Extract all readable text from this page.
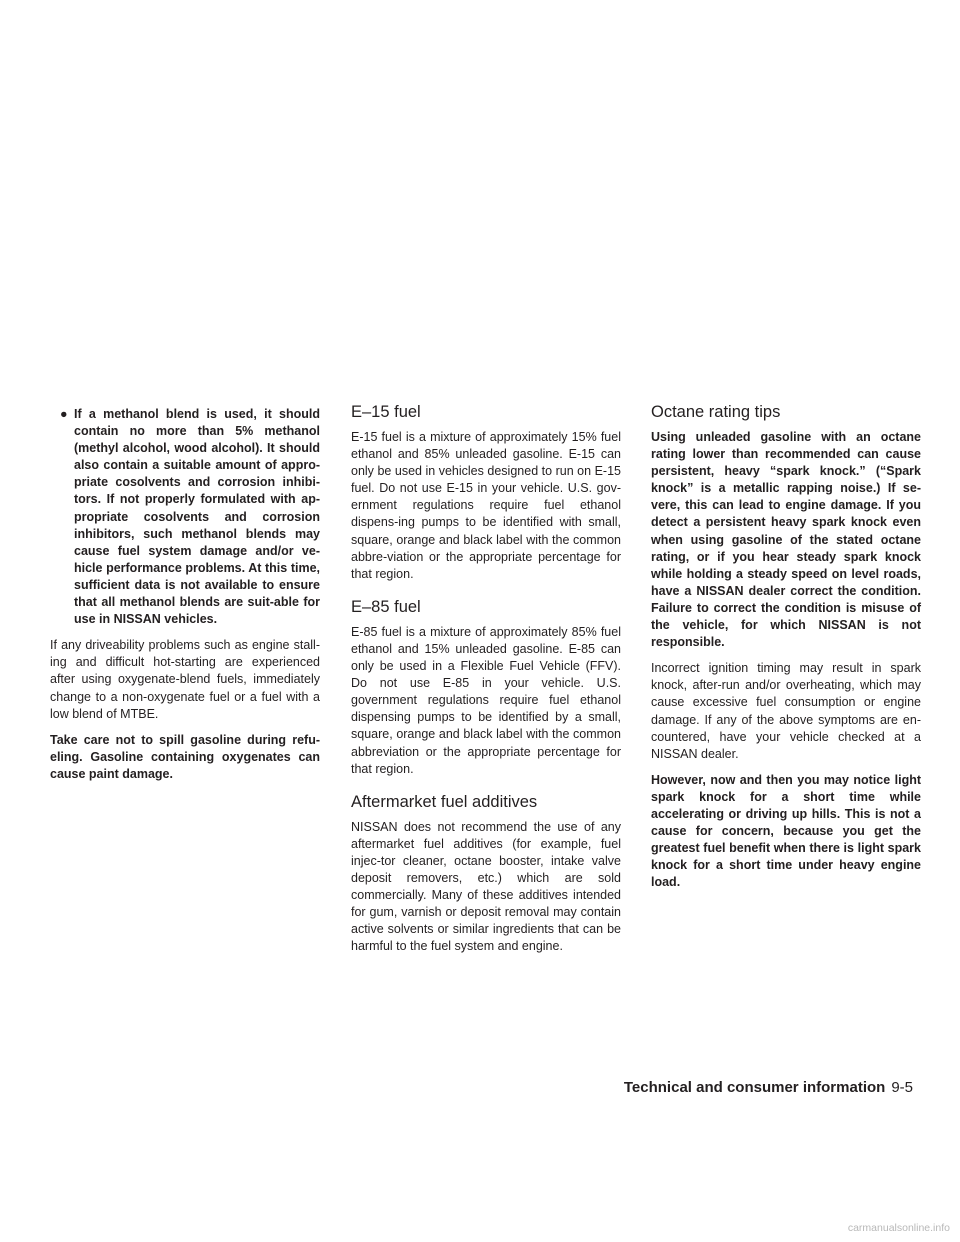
● If a methanol blend is used, it should contain no more than 5% methanol (methyl alcohol, wood alcohol). It should also contain a suitable amount of appro-priate cosolvents and corrosion inhibi-tors. If not properly formulated with ap-propriate cosolvents and corrosion inhibitors, such methanol blends may cause fuel system damage and/or ve-hicle performance problems. At this time, sufficient data is not available to ensure that all methanol blends are suit-able for use in NISSAN vehicles.

If any driveability problems such as engine stall-ing and difficult hot-starting are experienced after using oxygenate-blend fuels, immediately change to a non-oxygenate fuel or a fuel with a low blend of MTBE.

Take care not to spill gasoline during refu-eling. Gasoline containing oxygenates can cause paint damage.

E–15 fuel

E-15 fuel is a mixture of approximately 15% fuel ethanol and 85% unleaded gasoline. E-15 can only be used in vehicles designed to run on E-15 fuel. Do not use E-15 in your vehicle. U.S. gov-ernment regulations require fuel ethanol dispens-ing pumps to be identified with small, square, orange and black label with the common abbre-viation or the appropriate percentage for that region.

E–85 fuel

E-85 fuel is a mixture of approximately 85% fuel ethanol and 15% unleaded gasoline. E-85 can only be used in a Flexible Fuel Vehicle (FFV). Do not use E-85 in your vehicle. U.S. government regulations require fuel ethanol dispensing pumps to be identified by a small, square, orange and black label with the common abbreviation or the appropriate percentage for that region.

Aftermarket fuel additives

NISSAN does not recommend the use of any aftermarket fuel additives (for example, fuel injec-tor cleaner, octane booster, intake valve deposit removers, etc.) which are sold commercially. Many of these additives intended for gum, varnish or deposit removal may contain active solvents or similar ingredients that can be harmful to the fuel system and engine.

Octane rating tips

Using unleaded gasoline with an octane rating lower than recommended can cause persistent, heavy “spark knock.” (“Spark knock” is a metallic rapping noise.) If se-vere, this can lead to engine damage. If you detect a persistent heavy spark knock even when using gasoline of the stated octane rating, or if you hear steady spark knock while holding a steady speed on level roads, have a NISSAN dealer correct the condition. Failure to correct the condition is misuse of the vehicle, for which NISSAN is not responsible.

Incorrect ignition timing may result in spark knock, after-run and/or overheating, which may cause excessive fuel consumption or engine damage. If any of the above symptoms are en-countered, have your vehicle checked at a NISSAN dealer.

However, now and then you may notice light spark knock for a short time while accelerating or driving up hills. This is not a cause for concern, because you get the greatest fuel benefit when there is light spark knock for a short time under heavy engine load.

Technical and consumer information 9-5
carmanualsonline.info
